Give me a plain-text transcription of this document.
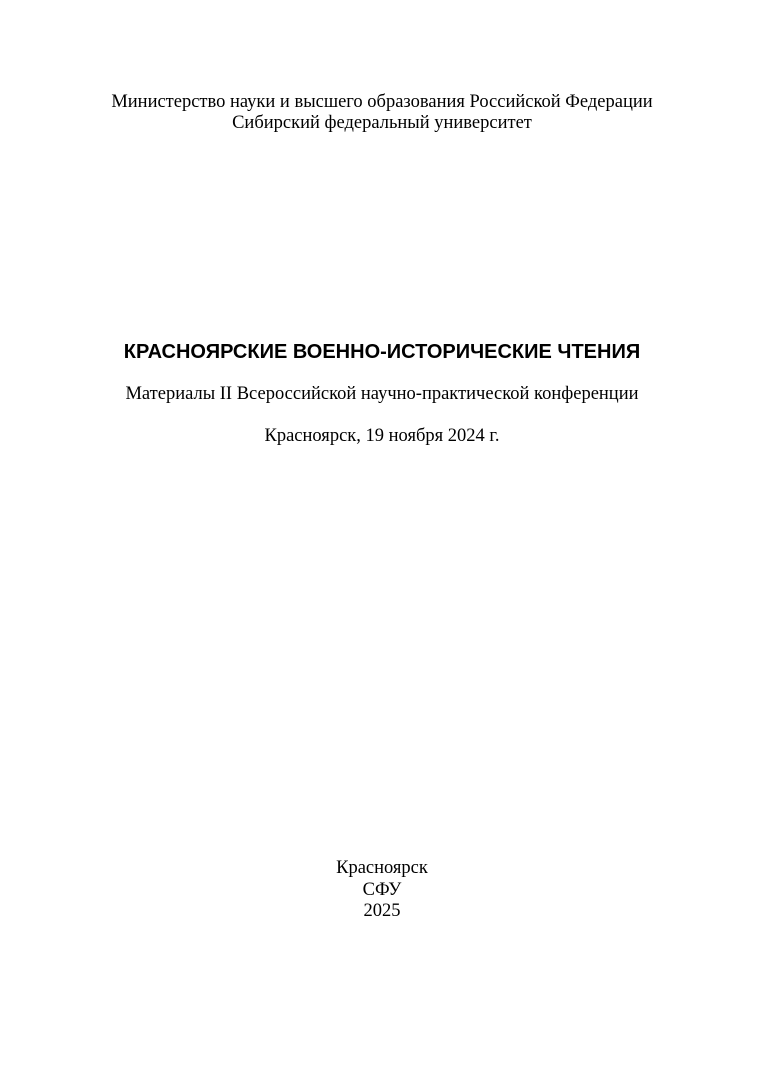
Министерство науки и высшего образования Российской Федерации
Сибирский федеральный университет
КРАСНОЯРСКИЕ ВОЕННО-ИСТОРИЧЕСКИЕ ЧТЕНИЯ
Материалы II Всероссийской научно-практической конференции
Красноярск, 19 ноября 2024 г.
Красноярск
СФУ
2025
